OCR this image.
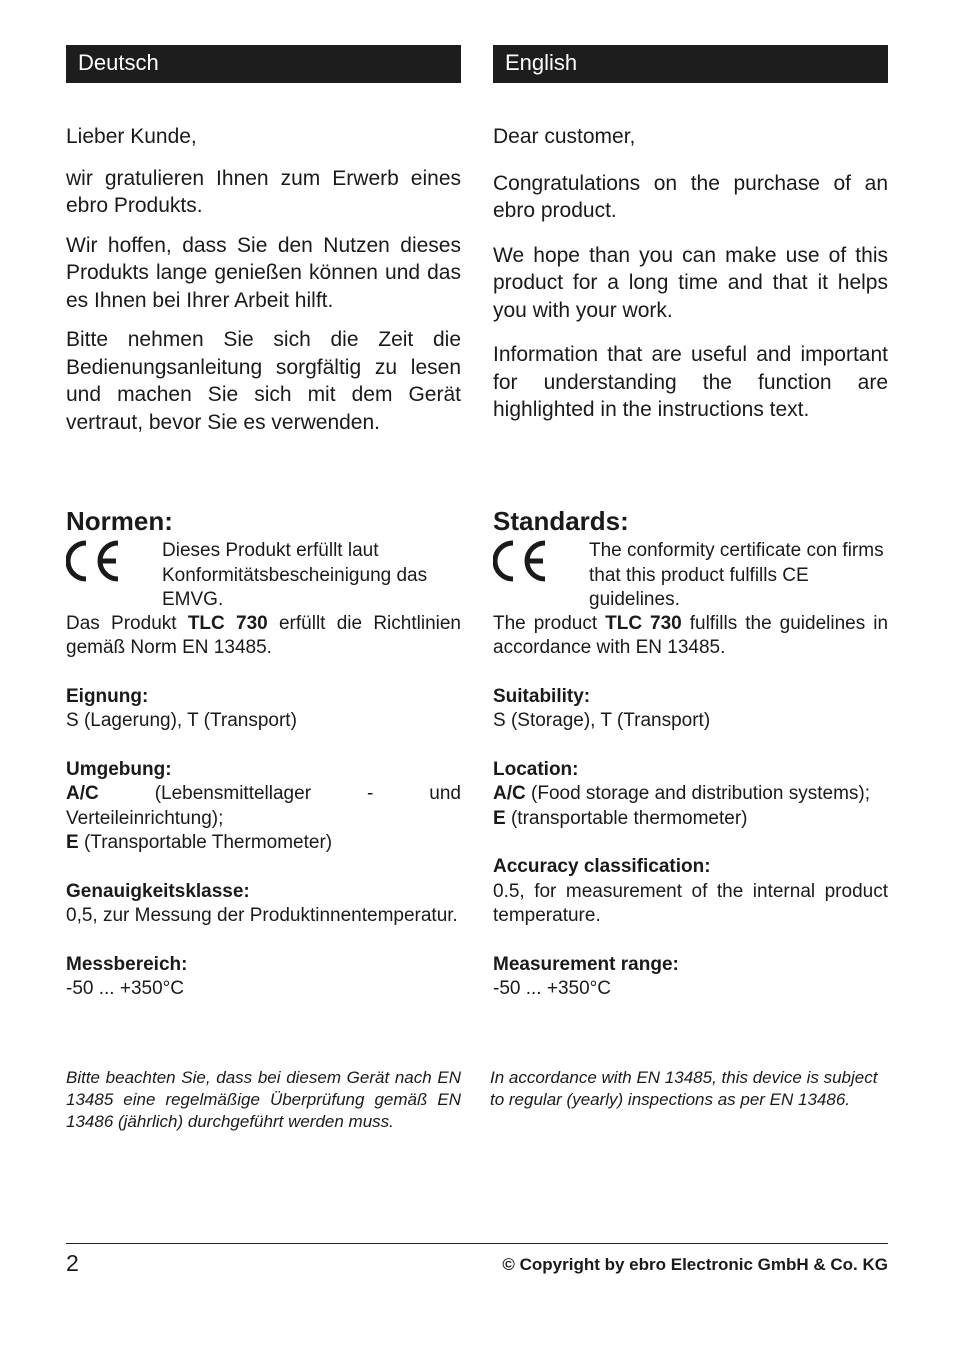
Deutsch

Lieber Kunde,

wir gratulieren Ihnen zum Erwerb eines ebro Produkts.

Wir hoffen, dass Sie den Nutzen dieses Produkts lange genießen können und das es Ihnen bei Ihrer Arbeit hilft.

Bitte nehmen Sie sich die Zeit die Bedienungsanleitung sorgfältig zu lesen und machen Sie sich mit dem Gerät vertraut, bevor Sie es verwenden.

Normen:
Dieses Produkt erfüllt laut Konformitätsbescheinigung das EMVG.
Das Produkt TLC 730 erfüllt die Richtlinien gemäß Norm EN 13485.

Eignung:

S (Lagerung), T (Transport)

Umgebung:

A/C (Lebensmittellager - und Verteileinrichtung);

E (Transportable Thermometer)

Genauigkeitsklasse:

0,5, zur Messung der Produktinnentemperatur.

Messbereich:

-50 ... +350°C

Bitte beachten Sie, dass bei diesem Gerät nach EN 13485 eine regelmäßige Überprüfung gemäß EN 13486 (jährlich) durchgeführt werden muss.

English

Dear customer,

Congratulations on the purchase of an ebro product.

We hope than you can make use of this product for a long time and that it helps you with your work.

Information that are useful and important for understanding the function are highlighted in the instructions text.

Standards:
The conformity certificate con firms that this product fulfills CE guidelines.
The product TLC 730 fulfills the guidelines in accordance with EN 13485.

Suitability:

S (Storage), T (Transport)

Location:

A/C (Food storage and distribution systems);

E (transportable thermometer)

Accuracy classification:

0.5, for measurement of the internal product temperature.

Measurement range:

-50 ... +350°C

In accordance with EN 13485, this device is subject to regular (yearly) inspections as per EN 13486.

2	© Copyright by ebro Electronic GmbH & Co. KG
